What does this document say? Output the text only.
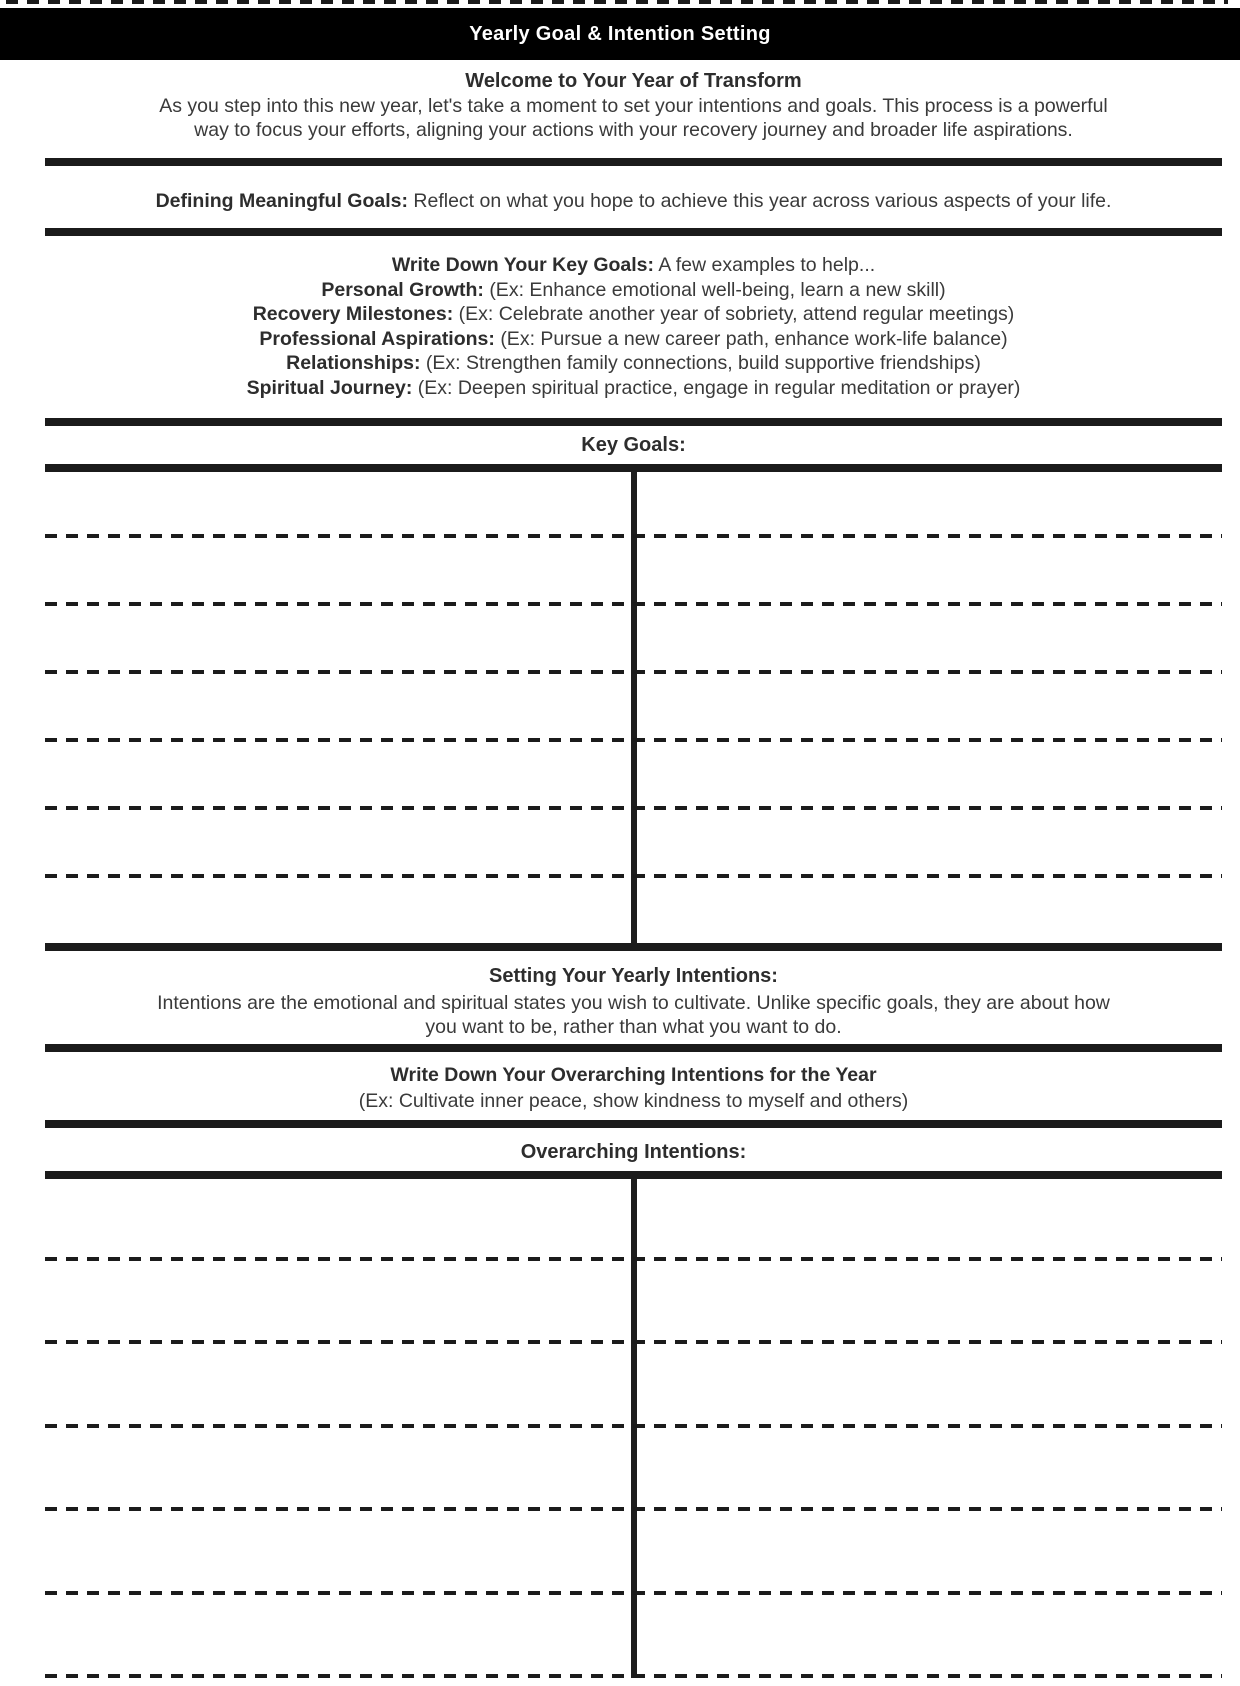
Yearly Goal & Intention Setting
Welcome to Your Year of Transform

As you step into this new year, let's take a moment to set your intentions and goals. This process is a powerful
way to focus your efforts, aligning your actions with your recovery journey and broader life aspirations.

Defining Meaningful Goals: Reflect on what you hope to achieve this year across various aspects of your life.

Write Down Your Key Goals: A few examples to help...

Personal Growth: (Ex: Enhance emotional well-being, learn a new skill)

Recovery Milestones: (Ex: Celebrate another year of sobriety, attend regular meetings)

Professional Aspirations: (Ex: Pursue a new career path, enhance work-life balance)

Relationships: (Ex: Strengthen family connections, build supportive friendships)

Spiritual Journey: (Ex: Deepen spiritual practice, engage in regular meditation or prayer)

Key Goals:
Setting Your Yearly Intentions:

Intentions are the emotional and spiritual states you wish to cultivate. Unlike specific goals, they are about how
you want to be, rather than what you want to do.

Write Down Your Overarching Intentions for the Year

(Ex: Cultivate inner peace, show kindness to myself and others)

Overarching Intentions:
